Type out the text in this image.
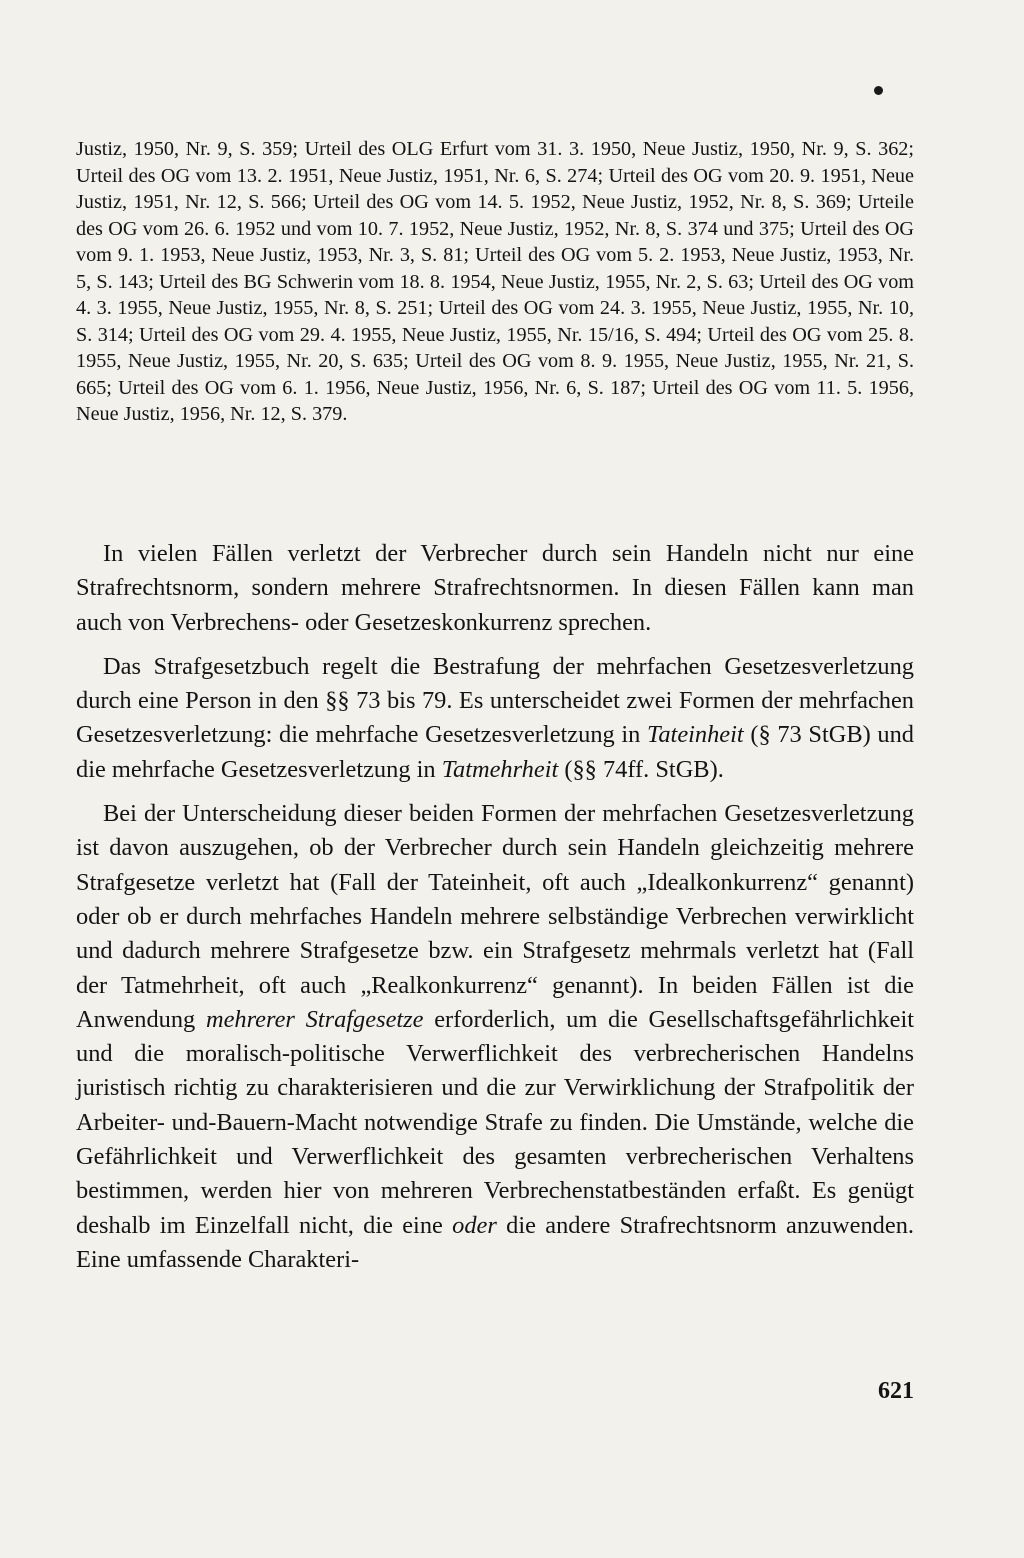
Justiz, 1950, Nr. 9, S. 359; Urteil des OLG Erfurt vom 31. 3. 1950, Neue Justiz, 1950, Nr. 9, S. 362; Urteil des OG vom 13. 2. 1951, Neue Justiz, 1951, Nr. 6, S. 274; Urteil des OG vom 20. 9. 1951, Neue Justiz, 1951, Nr. 12, S. 566; Urteil des OG vom 14. 5. 1952, Neue Justiz, 1952, Nr. 8, S. 369; Urteile des OG vom 26. 6. 1952 und vom 10. 7. 1952, Neue Justiz, 1952, Nr. 8, S. 374 und 375; Urteil des OG vom 9. 1. 1953, Neue Justiz, 1953, Nr. 3, S. 81; Urteil des OG vom 5. 2. 1953, Neue Justiz, 1953, Nr. 5, S. 143; Urteil des BG Schwerin vom 18. 8. 1954, Neue Justiz, 1955, Nr. 2, S. 63; Urteil des OG vom 4. 3. 1955, Neue Justiz, 1955, Nr. 8, S. 251; Urteil des OG vom 24. 3. 1955, Neue Justiz, 1955, Nr. 10, S. 314; Urteil des OG vom 29. 4. 1955, Neue Justiz, 1955, Nr. 15/16, S. 494; Urteil des OG vom 25. 8. 1955, Neue Justiz, 1955, Nr. 20, S. 635; Urteil des OG vom 8. 9. 1955, Neue Justiz, 1955, Nr. 21, S. 665; Urteil des OG vom 6. 1. 1956, Neue Justiz, 1956, Nr. 6, S. 187; Urteil des OG vom 11. 5. 1956, Neue Justiz, 1956, Nr. 12, S. 379.

In vielen Fällen verletzt der Verbrecher durch sein Handeln nicht nur eine Strafrechtsnorm, sondern mehrere Strafrechtsnormen. In diesen Fällen kann man auch von Verbrechens- oder Gesetzeskonkurrenz sprechen.

Das Strafgesetzbuch regelt die Bestrafung der mehrfachen Gesetzesverletzung durch eine Person in den §§ 73 bis 79. Es unterscheidet zwei Formen der mehrfachen Gesetzesverletzung: die mehrfache Gesetzesverletzung in Tateinheit (§ 73 StGB) und die mehrfache Gesetzesverletzung in Tatmehrheit (§§ 74ff. StGB).

Bei der Unterscheidung dieser beiden Formen der mehrfachen Gesetzesverletzung ist davon auszugehen, ob der Verbrecher durch sein Handeln gleichzeitig mehrere Strafgesetze verletzt hat (Fall der Tateinheit, oft auch „Idealkonkurrenz“ genannt) oder ob er durch mehrfaches Handeln mehrere selbständige Verbrechen verwirklicht und dadurch mehrere Strafgesetze bzw. ein Strafgesetz mehrmals verletzt hat (Fall der Tatmehrheit, oft auch „Realkonkurrenz“ genannt). In beiden Fällen ist die Anwendung mehrerer Strafgesetze erforderlich, um die Gesellschaftsgefährlichkeit und die moralisch-politische Verwerflichkeit des verbrecherischen Handelns juristisch richtig zu charakterisieren und die zur Verwirklichung der Strafpolitik der Arbeiter- und-Bauern-Macht notwendige Strafe zu finden. Die Umstände, welche die Gefährlichkeit und Verwerflichkeit des gesamten verbrecherischen Verhaltens bestimmen, werden hier von mehreren Verbrechenstatbeständen erfaßt. Es genügt deshalb im Einzelfall nicht, die eine oder die andere Strafrechtsnorm anzuwenden. Eine umfassende Charakteri-

621
